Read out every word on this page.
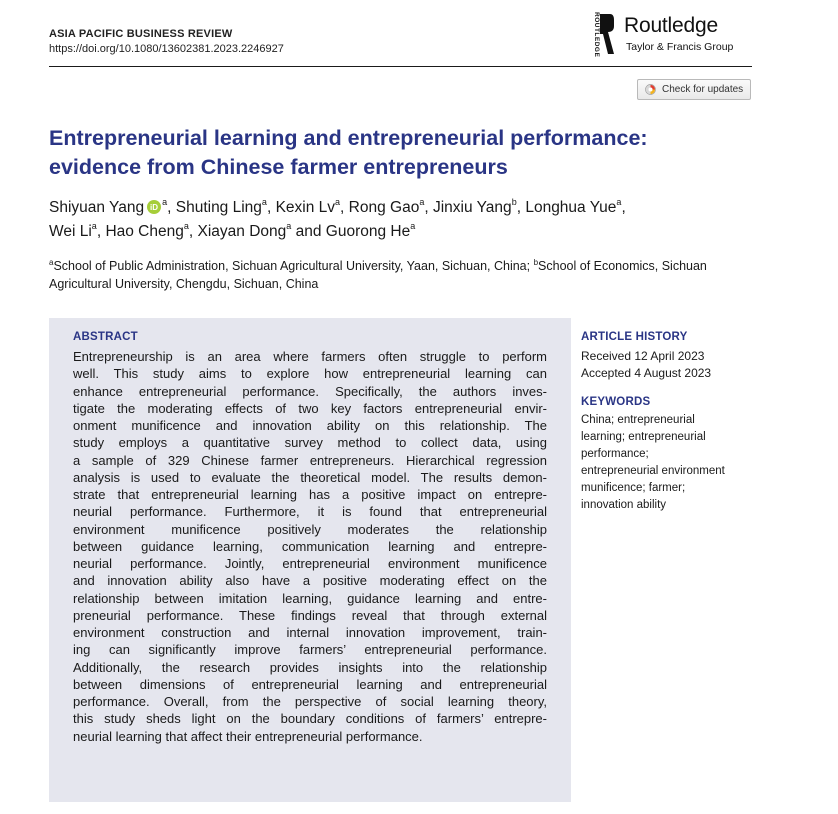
ASIA PACIFIC BUSINESS REVIEW
https://doi.org/10.1080/13602381.2023.2246927	ROUTLEDGE Routledge
Taylor & Francis Group
Check for updates
Entrepreneurial learning and entrepreneurial performance:
evidence from Chinese farmer entrepreneurs
Shiyuan Yang iD
$^a$, Shuting Ling$^a$, Kexin Lv$^a$, Rong Gao$^a$, Jinxiu Yang$^b$, Longhua Yue$^a$,
Wei Li$^a$, Hao Cheng$^a$, Xiayan Dong$^a$ and Guorong He$^a$
$^a$School of Public Administration, Sichuan Agricultural University, Yaan, Sichuan, China; $^b$School of Economics, Sichuan Agricultural University, Chengdu, Sichuan, China
ABSTRACT
Entrepreneurship is an area where farmers often struggle to perform
well. This study aims to explore how entrepreneurial learning can
enhance entrepreneurial performance. Specifically, the authors inves-
tigate the moderating effects of two key factors entrepreneurial envir-
onment munificence and innovation ability on this relationship. The
study employs a quantitative survey method to collect data, using
a sample of 329 Chinese farmer entrepreneurs. Hierarchical regression
analysis is used to evaluate the theoretical model. The results demon-
strate that entrepreneurial learning has a positive impact on entrepre-
neurial performance. Furthermore, it is found that entrepreneurial
environment munificence positively moderates the relationship
between guidance learning, communication learning and entrepre-
neurial performance. Jointly, entrepreneurial environment munificence
and innovation ability also have a positive moderating effect on the
relationship between imitation learning, guidance learning and entre-
preneurial performance. These findings reveal that through external
environment construction and internal innovation improvement, train-
ing can significantly improve farmers’ entrepreneurial performance.
Additionally, the research provides insights into the relationship
between dimensions of entrepreneurial learning and entrepreneurial
performance. Overall, from the perspective of social learning theory,
this study sheds light on the boundary conditions of farmers’ entrepre-
neurial learning that affect their entrepreneurial performance.
ARTICLE HISTORY
Received 12 April 2023
Accepted 4 August 2023
KEYWORDS
China; entrepreneurial
learning; entrepreneurial
performance;
entrepreneurial environment
munificence; farmer;
innovation ability
